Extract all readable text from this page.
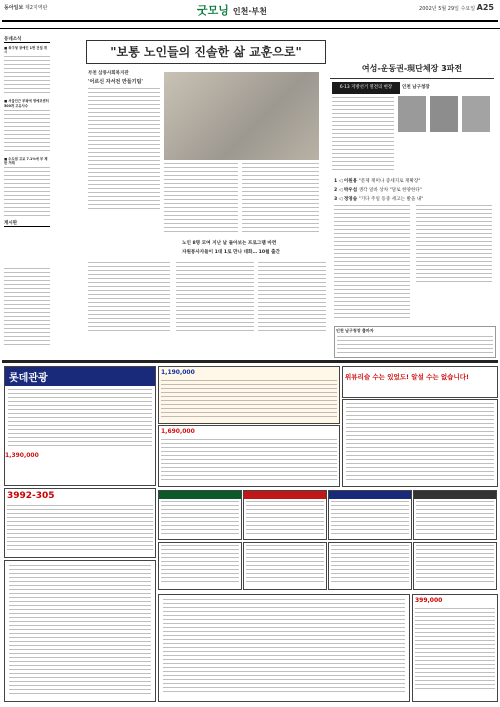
동아일보 제2지역판	굿모닝 인천·부천	2002년 5월 29일 수요일 A25
동네소식
■ 북구청 장애인 1면 건설 개시
■ 서울인근 부평에 영에코센터 500개 고유사수
■ 수도권 고교 7.1%에 부 제한 거래
게시판
"보통 노인들의 진솔한 삶 교훈으로"
부천 삼통사회복지관
'어르신 자서전 만들기팀'
노인 8명 모여 지난 날 돌아보는 프로그램 마련
자원봉사자들이 1대 1로 만나 대화… 10월 출간
여성-운동권-現단체장 3파전
6·13 지방선거 열전의 현장	인천 남구청장
1 ◁ 이원용 "문제 재미나 증세지로 재확장"
2 ◁ 박우섭 생각 일바 상차 "달로 한양한다"
3 ◁ 정영솜 "기다 주일 동중 세고는 발을 내"
인천 남구청장 출마자
롯데관광
1,390,000
3992-305
1,190,000
1,690,000
위뷰리슬 수는 있었도! 알설 수는 없습니다!
399,000
